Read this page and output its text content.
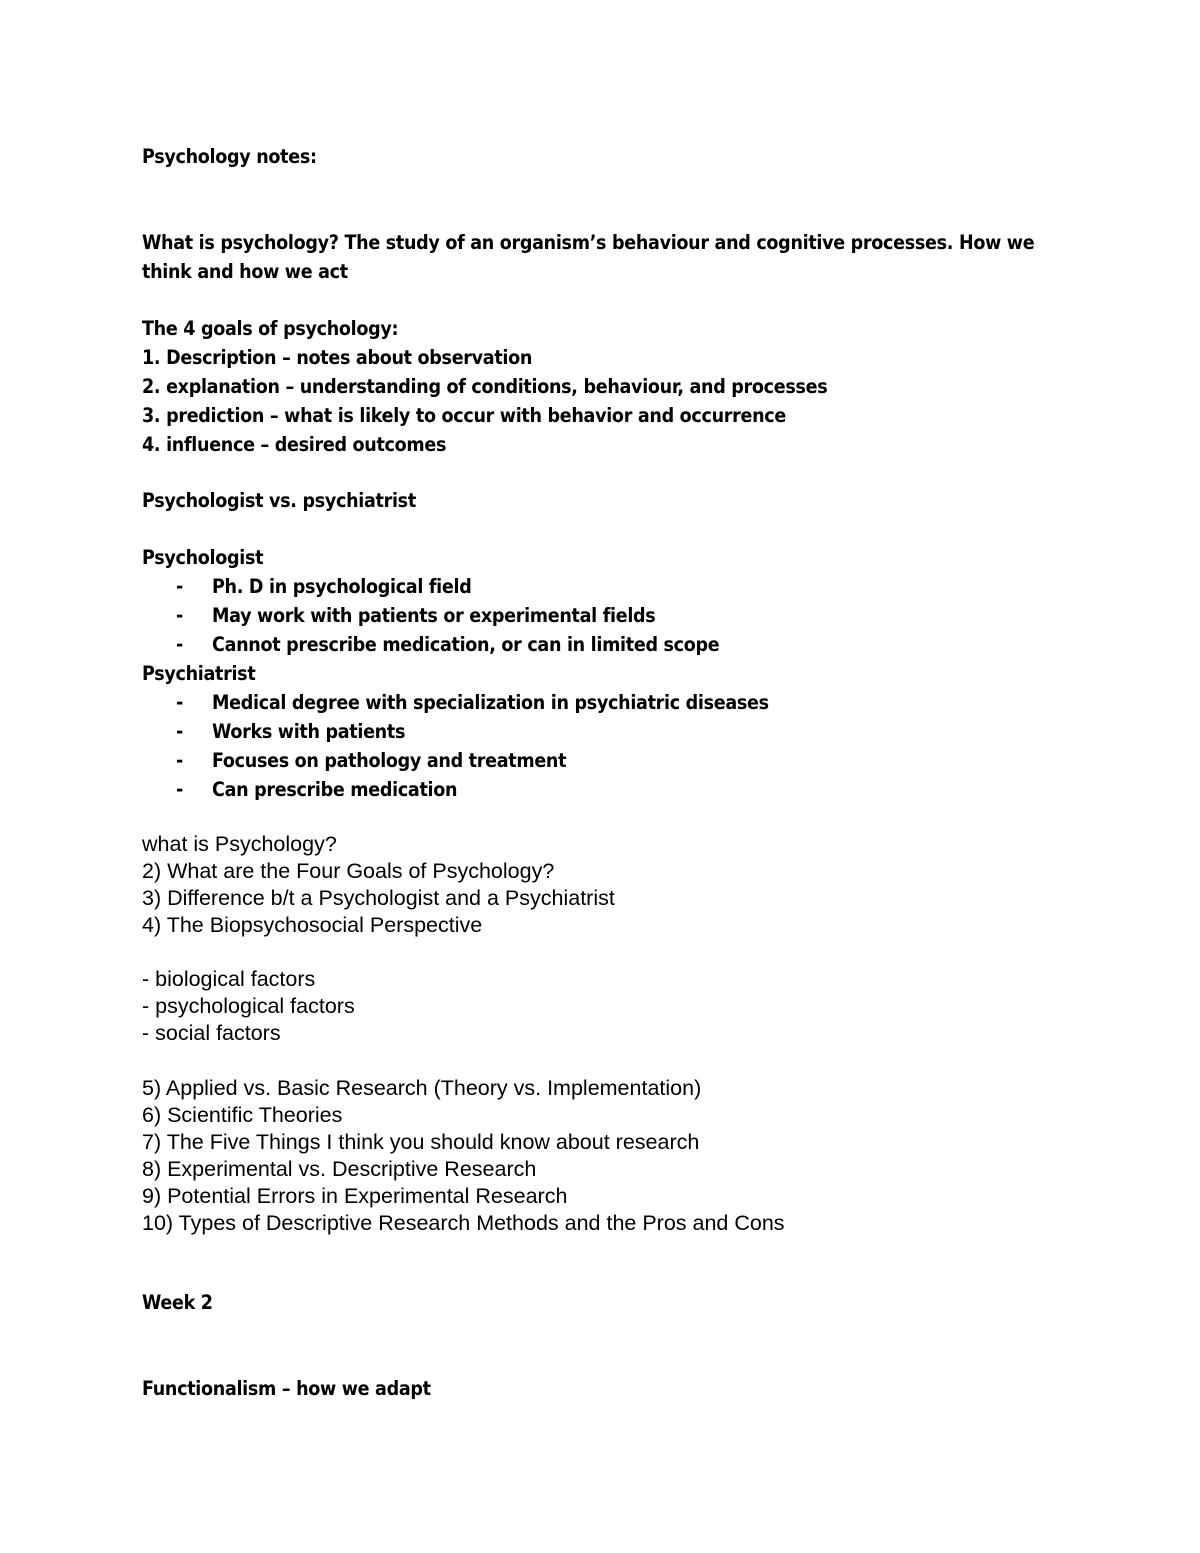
Psychology notes:

What is psychology? The study of an organism’s behaviour and cognitive processes. How we

think and how we act

The 4 goals of psychology:

1. Description – notes about observation

2. explanation – understanding of conditions, behaviour, and processes

3. prediction – what is likely to occur with behavior and occurrence

4. influence – desired outcomes

Psychologist vs. psychiatrist

Psychologist

- Ph. D in psychological field
- May work with patients or experimental fields
- Cannot prescribe medication, or can in limited scope

Psychiatrist

- Medical degree with specialization in psychiatric diseases
- Works with patients
- Focuses on pathology and treatment
- Can prescribe medication

what is Psychology?

2) What are the Four Goals of Psychology?

3) Difference b/t a Psychologist and a Psychiatrist

4) The Biopsychosocial Perspective

- biological factors

- psychological factors

- social factors

5) Applied vs. Basic Research (Theory vs. Implementation)

6) Scientific Theories

7) The Five Things I think you should know about research

8) Experimental vs. Descriptive Research

9) Potential Errors in Experimental Research

10) Types of Descriptive Research Methods and the Pros and Cons

Week 2

Functionalism – how we adapt
